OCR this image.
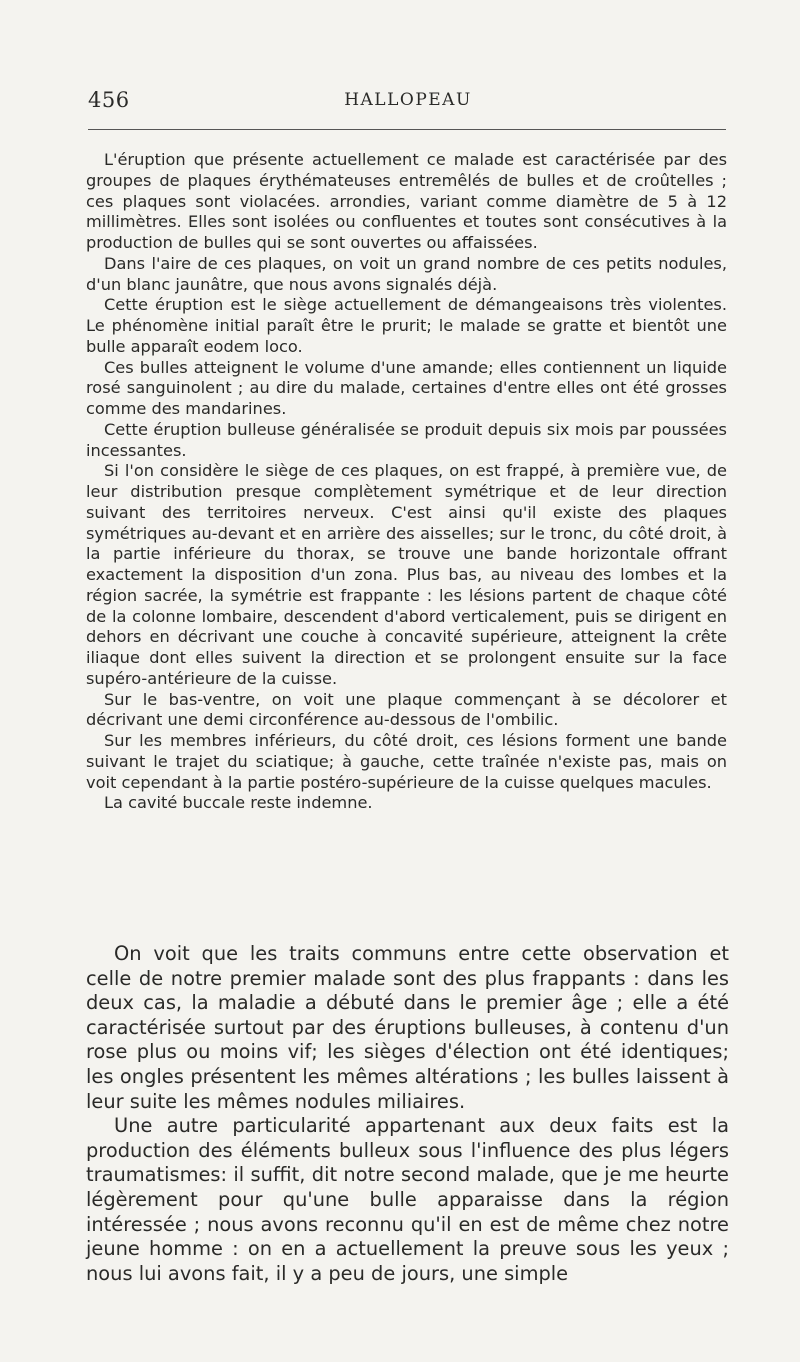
456	HALLOPEAU

L'éruption que présente actuellement ce malade est caractérisée par des groupes de plaques érythémateuses entremêlés de bulles et de croûtelles ; ces plaques sont violacées. arrondies, variant comme diamètre de 5 à 12 millimètres. Elles sont isolées ou confluentes et toutes sont consécutives à la production de bulles qui se sont ouvertes ou affaissées.

Dans l'aire de ces plaques, on voit un grand nombre de ces petits nodules, d'un blanc jaunâtre, que nous avons signalés déjà.

Cette éruption est le siège actuellement de démangeaisons très violentes. Le phénomène initial paraît être le prurit; le malade se gratte et bientôt une bulle apparaît eodem loco.

Ces bulles atteignent le volume d'une amande; elles contiennent un liquide rosé sanguinolent ; au dire du malade, certaines d'entre elles ont été grosses comme des mandarines.

Cette éruption bulleuse généralisée se produit depuis six mois par poussées incessantes.

Si l'on considère le siège de ces plaques, on est frappé, à première vue, de leur distribution presque complètement symétrique et de leur direction suivant des territoires nerveux. C'est ainsi qu'il existe des plaques symétriques au-devant et en arrière des aisselles; sur le tronc, du côté droit, à la partie inférieure du thorax, se trouve une bande horizontale offrant exactement la disposition d'un zona. Plus bas, au niveau des lombes et la région sacrée, la symétrie est frappante : les lésions partent de chaque côté de la colonne lombaire, descendent d'abord verticalement, puis se dirigent en dehors en décrivant une couche à concavité supérieure, atteignent la crête iliaque dont elles suivent la direction et se prolongent ensuite sur la face supéro-antérieure de la cuisse.

Sur le bas-ventre, on voit une plaque commençant à se décolorer et décrivant une demi circonférence au-dessous de l'ombilic.

Sur les membres inférieurs, du côté droit, ces lésions forment une bande suivant le trajet du sciatique; à gauche, cette traînée n'existe pas, mais on voit cependant à la partie postéro-supérieure de la cuisse quelques macules.

La cavité buccale reste indemne.

On voit que les traits communs entre cette observation et celle de notre premier malade sont des plus frappants : dans les deux cas, la maladie a débuté dans le premier âge ; elle a été caractérisée surtout par des éruptions bulleuses, à contenu d'un rose plus ou moins vif; les sièges d'élection ont été identiques; les ongles présentent les mêmes altérations ; les bulles laissent à leur suite les mêmes nodules miliaires.

Une autre particularité appartenant aux deux faits est la production des éléments bulleux sous l'influence des plus légers traumatismes: il suffit, dit notre second malade, que je me heurte légèrement pour qu'une bulle apparaisse dans la région intéressée ; nous avons reconnu qu'il en est de même chez notre jeune homme : on en a actuellement la preuve sous les yeux ; nous lui avons fait, il y a peu de jours, une simple
